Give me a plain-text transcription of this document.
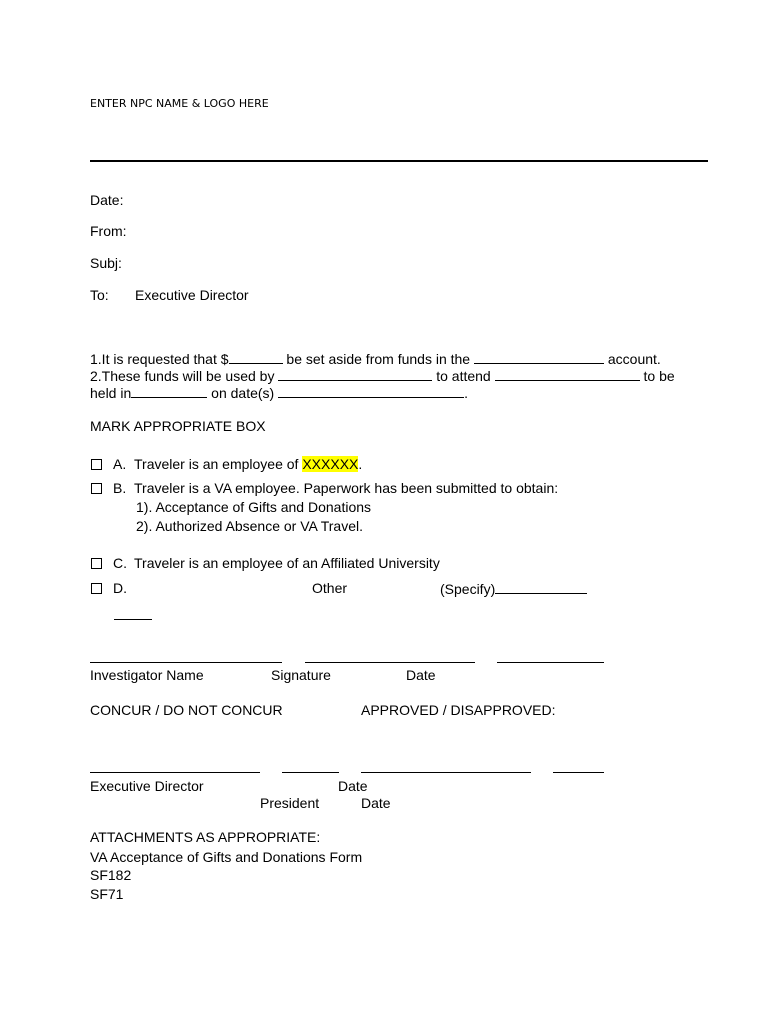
ENTER NPC NAME & LOGO HERE
Date:
From:
Subj:
To: Executive Director
1.It is requested that $	be set aside from funds in the	account.
2.These funds will be used by	to attend	to be
held in	on date(s)	.
MARK APPROPRIATE BOX
A. Traveler is an employee of XXXXXX.
B. Traveler is a VA employee. Paperwork has been submitted to obtain:
1). Acceptance of Gifts and Donations
2). Authorized Absence or VA Travel.
C. Traveler is an employee of an Affiliated University
D.	Other	(Specify)
Investigator Name	Signature	Date
CONCUR / DO NOT CONCUR	APPROVED / DISAPPROVED:
Executive Director	Date
President	Date
ATTACHMENTS AS APPROPRIATE:
VA Acceptance of Gifts and Donations Form
SF182
SF71
